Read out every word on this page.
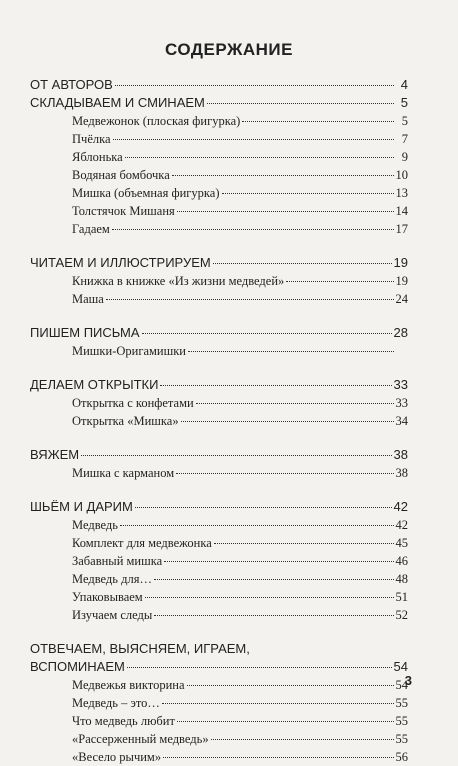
СОДЕРЖАНИЕ
ОТ АВТОРОВ	4
СКЛАДЫВАЕМ И СМИНАЕМ	5
Медвежонок (плоская фигурка)	5
Пчёлка	7
Яблонька	9
Водяная бомбочка	10
Мишка (объемная фигурка)	13
Толстячок Мишаня	14
Гадаем	17
ЧИТАЕМ И ИЛЛЮСТРИРУЕМ	19
Книжка в книжке «Из жизни медведей»	19
Маша	24
ПИШЕМ ПИСЬМА	28
Мишки-Оригамишки
ДЕЛАЕМ ОТКРЫТКИ	33
Открытка с конфетами	33
Открытка «Мишка»	34
ВЯЖЕМ	38
Мишка с карманом	38
ШЬЁМ И ДАРИМ	42
Медведь	42
Комплект для медвежонка	45
Забавный мишка	46
Медведь для…	48
Упаковываем	51
Изучаем следы	52
ОТВЕЧАЕМ, ВЫЯСНЯЕМ, ИГРАЕМ,
ВСПОМИНАЕМ	54
Медвежья викторина	54
Медведь – это…	55
Что медведь любит	55
«Рассерженный медведь»	55
«Весело рычим»	56
3
